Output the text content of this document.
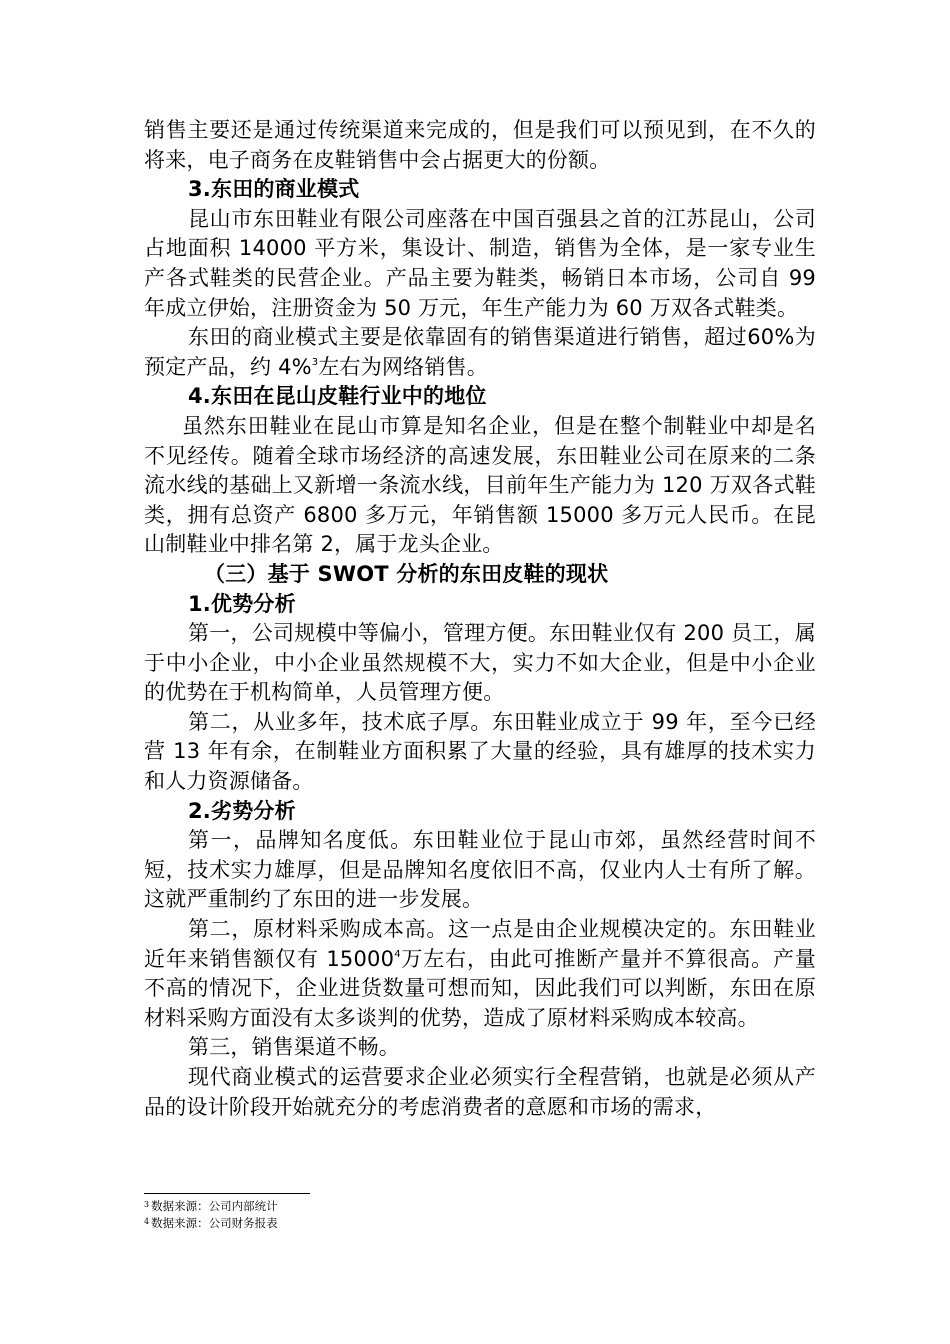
销售主要还是通过传统渠道来完成的，但是我们可以预见到，在不久的将来，电子商务在皮鞋销售中会占据更大的份额。

3.东田的商业模式

昆山市东田鞋业有限公司座落在中国百强县之首的江苏昆山，公司占地面积 14000 平方米，集设计、制造，销售为全体，是一家专业生产各式鞋类的民营企业。产品主要为鞋类，畅销日本市场，公司自 99 年成立伊始，注册资金为 50 万元，年生产能力为 60 万双各式鞋类。

东田的商业模式主要是依靠固有的销售渠道进行销售，超过60%为预定产品，约 4%$^3$左右为网络销售。

4.东田在昆山皮鞋行业中的地位

虽然东田鞋业在昆山市算是知名企业，但是在整个制鞋业中却是名不见经传。随着全球市场经济的高速发展，东田鞋业公司在原来的二条流水线的基础上又新增一条流水线，目前年生产能力为 120 万双各式鞋类，拥有总资产 6800 多万元，年销售额 15000 多万元人民币。在昆山制鞋业中排名第 2，属于龙头企业。

（三）基于 SWOT 分析的东田皮鞋的现状

1.优势分析

第一，公司规模中等偏小，管理方便。东田鞋业仅有 200 员工，属于中小企业，中小企业虽然规模不大，实力不如大企业，但是中小企业的优势在于机构简单，人员管理方便。

第二，从业多年，技术底子厚。东田鞋业成立于 99 年，至今已经营 13 年有余，在制鞋业方面积累了大量的经验，具有雄厚的技术实力和人力资源储备。

2.劣势分析

第一，品牌知名度低。东田鞋业位于昆山市郊，虽然经营时间不短，技术实力雄厚，但是品牌知名度依旧不高，仅业内人士有所了解。这就严重制约了东田的进一步发展。

第二，原材料采购成本高。这一点是由企业规模决定的。东田鞋业近年来销售额仅有 15000$^4$万左右，由此可推断产量并不算很高。产量不高的情况下，企业进货数量可想而知，因此我们可以判断，东田在原材料采购方面没有太多谈判的优势，造成了原材料采购成本较高。

第三，销售渠道不畅。

现代商业模式的运营要求企业必须实行全程营销，也就是必须从产品的设计阶段开始就充分的考虑消费者的意愿和市场的需求，

$^3$ 数据来源：公司内部统计
$^4$ 数据来源：公司财务报表
